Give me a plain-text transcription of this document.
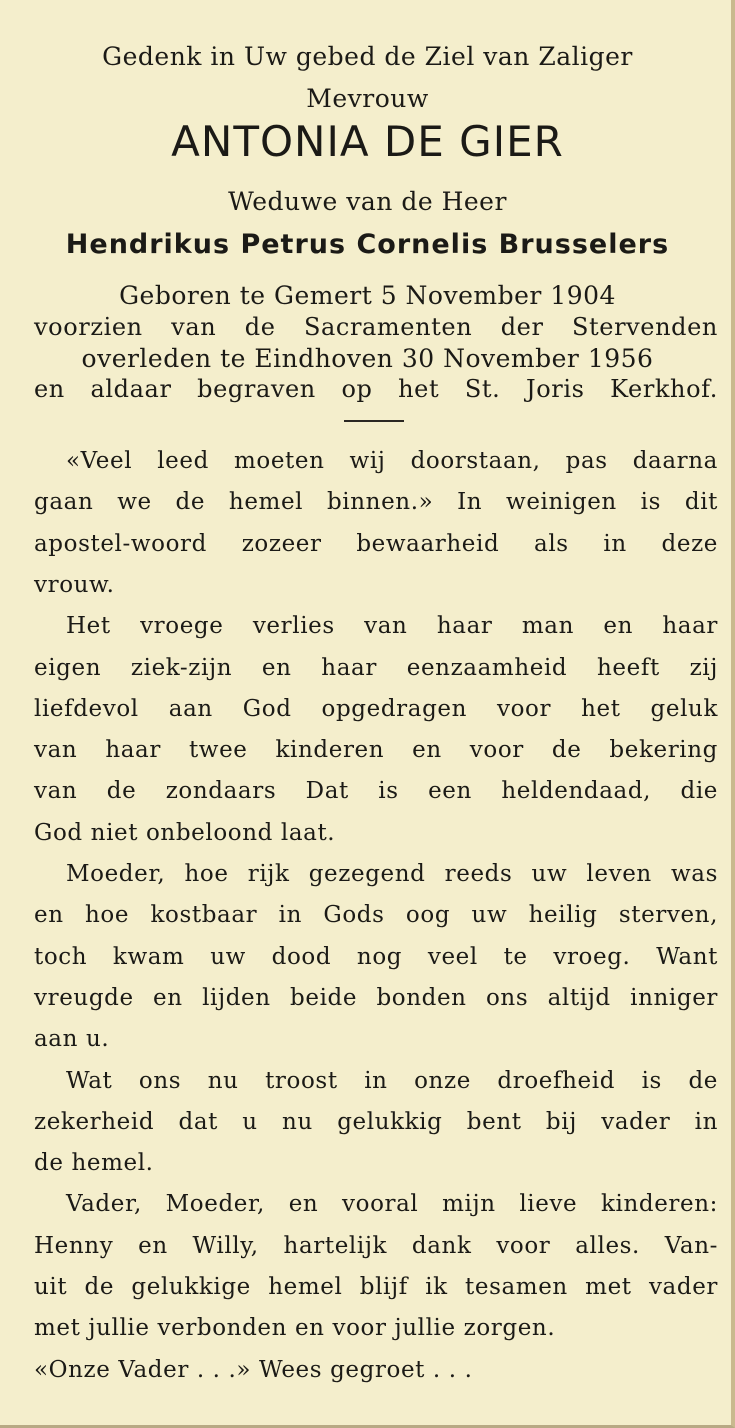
Gedenk in Uw gebed de Ziel van Zaliger
Mevrouw
ANTONIA DE GIER
Weduwe van de Heer
Hendrikus Petrus Cornelis Brusselers
Geboren te Gemert 5 November 1904
voorzien van de Sacramenten der Stervenden
overleden te Eindhoven 30 November 1956
en aldaar begraven op het St. Joris Kerkhof.
«Veel leed moeten wij doorstaan, pas daarna
gaan we de hemel binnen.» In weinigen is dit
apostel-woord zozeer bewaarheid als in deze
vrouw.
Het vroege verlies van haar man en haar
eigen ziek-zijn en haar eenzaamheid heeft zij
liefdevol aan God opgedragen voor het geluk
van haar twee kinderen en voor de bekering
van de zondaars Dat is een heldendaad, die
God niet onbeloond laat.
Moeder, hoe rijk gezegend reeds uw leven was
en hoe kostbaar in Gods oog uw heilig sterven,
toch kwam uw dood nog veel te vroeg. Want
vreugde en lijden beide bonden ons altijd inniger
aan u.
Wat ons nu troost in onze droefheid is de
zekerheid dat u nu gelukkig bent bij vader in
de hemel.
Vader, Moeder, en vooral mijn lieve kinderen:
Henny en Willy, hartelijk dank voor alles. Van-
uit de gelukkige hemel blijf ik tesamen met vader
met jullie verbonden en voor jullie zorgen.
«Onze Vader . . .» Wees gegroet . . .
